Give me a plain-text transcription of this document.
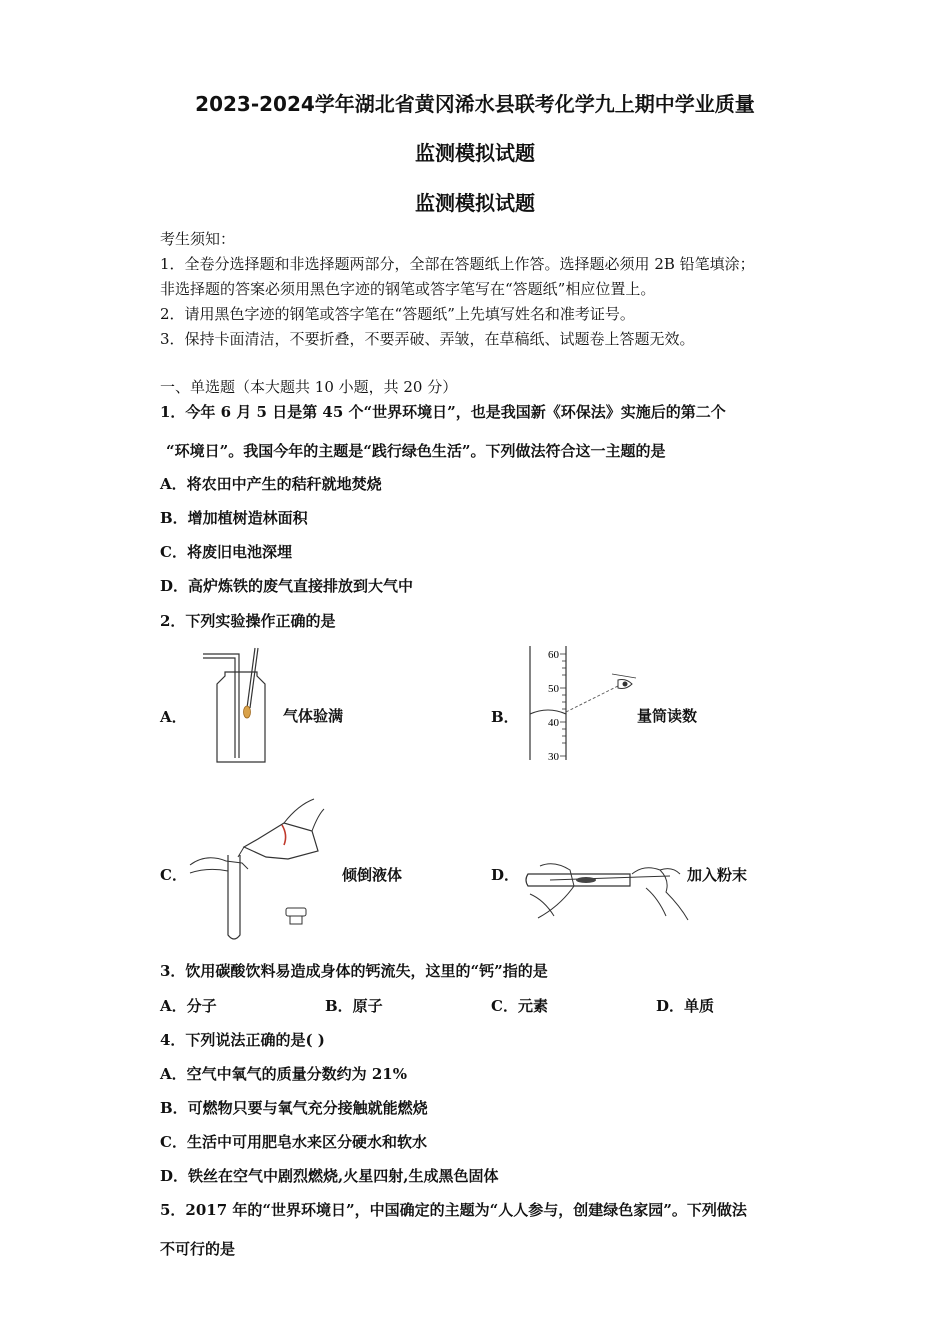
2023-2024学年湖北省黄冈浠水县联考化学九上期中学业质量
监测模拟试题
监测模拟试题
考生须知：
1．全卷分选择题和非选择题两部分，全部在答题纸上作答。选择题必须用 2B 铅笔填涂；
非选择题的答案必须用黑色字迹的钢笔或答字笔写在“答题纸”相应位置上。
2．请用黑色字迹的钢笔或答字笔在“答题纸”上先填写姓名和准考证号。
3．保持卡面清洁，不要折叠，不要弄破、弄皱，在草稿纸、试题卷上答题无效。
一、单选题（本大题共 10 小题，共 20 分）
1．今年 6 月 5 日是第 45 个“世界环境日”，也是我国新《环保法》实施后的第二个
“环境日”。我国今年的主题是“践行绿色生活”。下列做法符合这一主题的是
A．将农田中产生的秸秆就地焚烧
B．增加植树造林面积
C．将废旧电池深埋
D．高炉炼铁的废气直接排放到大气中
2．下列实验操作正确的是
A．	气体验满	B．
60
50
40
30
量筒读数
C．	倾倒液体	D．	加入粉末
3．饮用碳酸饮料易造成身体的钙流失，这里的“钙”指的是
A．分子	B．原子	C．元素	D．单质
4．下列说法正确的是( )
A．空气中氧气的质量分数约为 21%
B．可燃物只要与氧气充分接触就能燃烧
C．生活中可用肥皂水来区分硬水和软水
D．铁丝在空气中剧烈燃烧,火星四射,生成黑色固体
5．2017 年的“世界环境日”，中国确定的主题为“人人参与，创建绿色家园”。下列做法
不可行的是
